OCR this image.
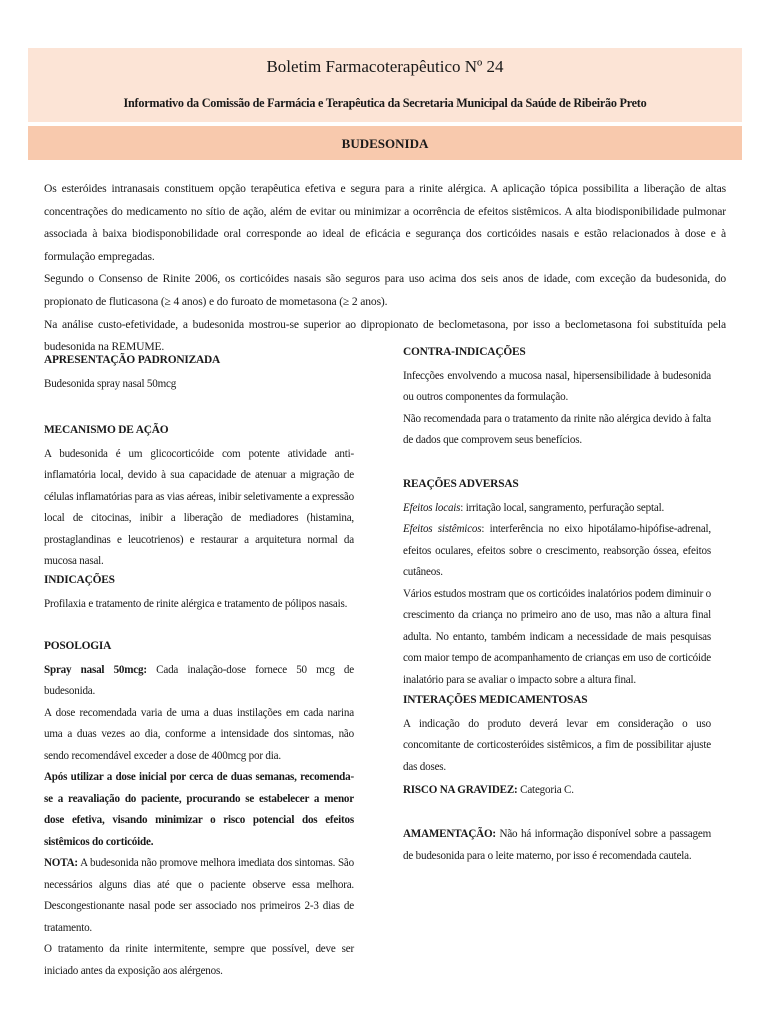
Boletim Farmacoterapêutico Nº 24
Informativo da Comissão de Farmácia e Terapêutica da Secretaria Municipal da Saúde de Ribeirão Preto
BUDESONIDA

Os esteróides intranasais constituem opção terapêutica efetiva e segura para a rinite alérgica. A aplicação tópica possibilita a liberação de altas concentrações do medicamento no sítio de ação, além de evitar ou minimizar a ocorrência de efeitos sistêmicos. A alta biodisponibilidade pulmonar associada à baixa biodisponobilidade oral corresponde ao ideal de eficácia e segurança dos corticóides nasais e estão relacionados à dose e à formulação empregadas.

Segundo o Consenso de Rinite 2006, os corticóides nasais são seguros para uso acima dos seis anos de idade, com exceção da budesonida, do propionato de fluticasona (≥ 4 anos) e do furoato de mometasona (≥ 2 anos).

Na análise custo-efetividade, a budesonida mostrou-se superior ao dipropionato de beclometasona, por isso a beclometasona foi substituída pela budesonida na REMUME.

APRESENTAÇÃO PADRONIZADA

Budesonida spray nasal 50mcg

MECANISMO DE AÇÃO

A budesonida é um glicocorticóide com potente atividade anti-inflamatória local, devido à sua capacidade de atenuar a migração de células inflamatórias para as vias aéreas, inibir seletivamente a expressão local de citocinas, inibir a liberação de mediadores (histamina, prostaglandinas e leucotrienos) e restaurar a arquitetura normal da mucosa nasal.

INDICAÇÕES

Profilaxia e tratamento de rinite alérgica e tratamento de pólipos nasais.

POSOLOGIA

Spray nasal 50mcg: Cada inalação-dose fornece 50 mcg de budesonida.

A dose recomendada varia de uma a duas instilações em cada narina uma a duas vezes ao dia, conforme a intensidade dos sintomas, não sendo recomendável exceder a dose de 400mcg por dia.

Após utilizar a dose inicial por cerca de duas semanas, recomenda-se a reavaliação do paciente, procurando se estabelecer a menor dose efetiva, visando minimizar o risco potencial dos efeitos sistêmicos do corticóide.

NOTA: A budesonida não promove melhora imediata dos sintomas. São necessários alguns dias até que o paciente observe essa melhora. Descongestionante nasal pode ser associado nos primeiros 2-3 dias de tratamento.

O tratamento da rinite intermitente, sempre que possível, deve ser iniciado antes da exposição aos alérgenos.

CONTRA-INDICAÇÕES

Infecções envolvendo a mucosa nasal, hipersensibilidade à budesonida ou outros componentes da formulação.

Não recomendada para o tratamento da rinite não alérgica devido à falta de dados que comprovem seus benefícios.

REAÇÕES ADVERSAS

Efeitos locais: irritação local, sangramento, perfuração septal.

Efeitos sistêmicos: interferência no eixo hipotálamo-hipófise-adrenal, efeitos oculares, efeitos sobre o crescimento, reabsorção óssea, efeitos cutâneos.

Vários estudos mostram que os corticóides inalatórios podem diminuir o crescimento da criança no primeiro ano de uso, mas não a altura final adulta. No entanto, também indicam a necessidade de mais pesquisas com maior tempo de acompanhamento de crianças em uso de corticóide inalatório para se avaliar o impacto sobre a altura final.

INTERAÇÕES MEDICAMENTOSAS

A indicação do produto deverá levar em consideração o uso concomitante de corticosteróides sistêmicos, a fim de possibilitar ajuste das doses.

RISCO NA GRAVIDEZ: Categoria C.

AMAMENTAÇÃO: Não há informação disponível sobre a passagem de budesonida para o leite materno, por isso é recomendada cautela.
